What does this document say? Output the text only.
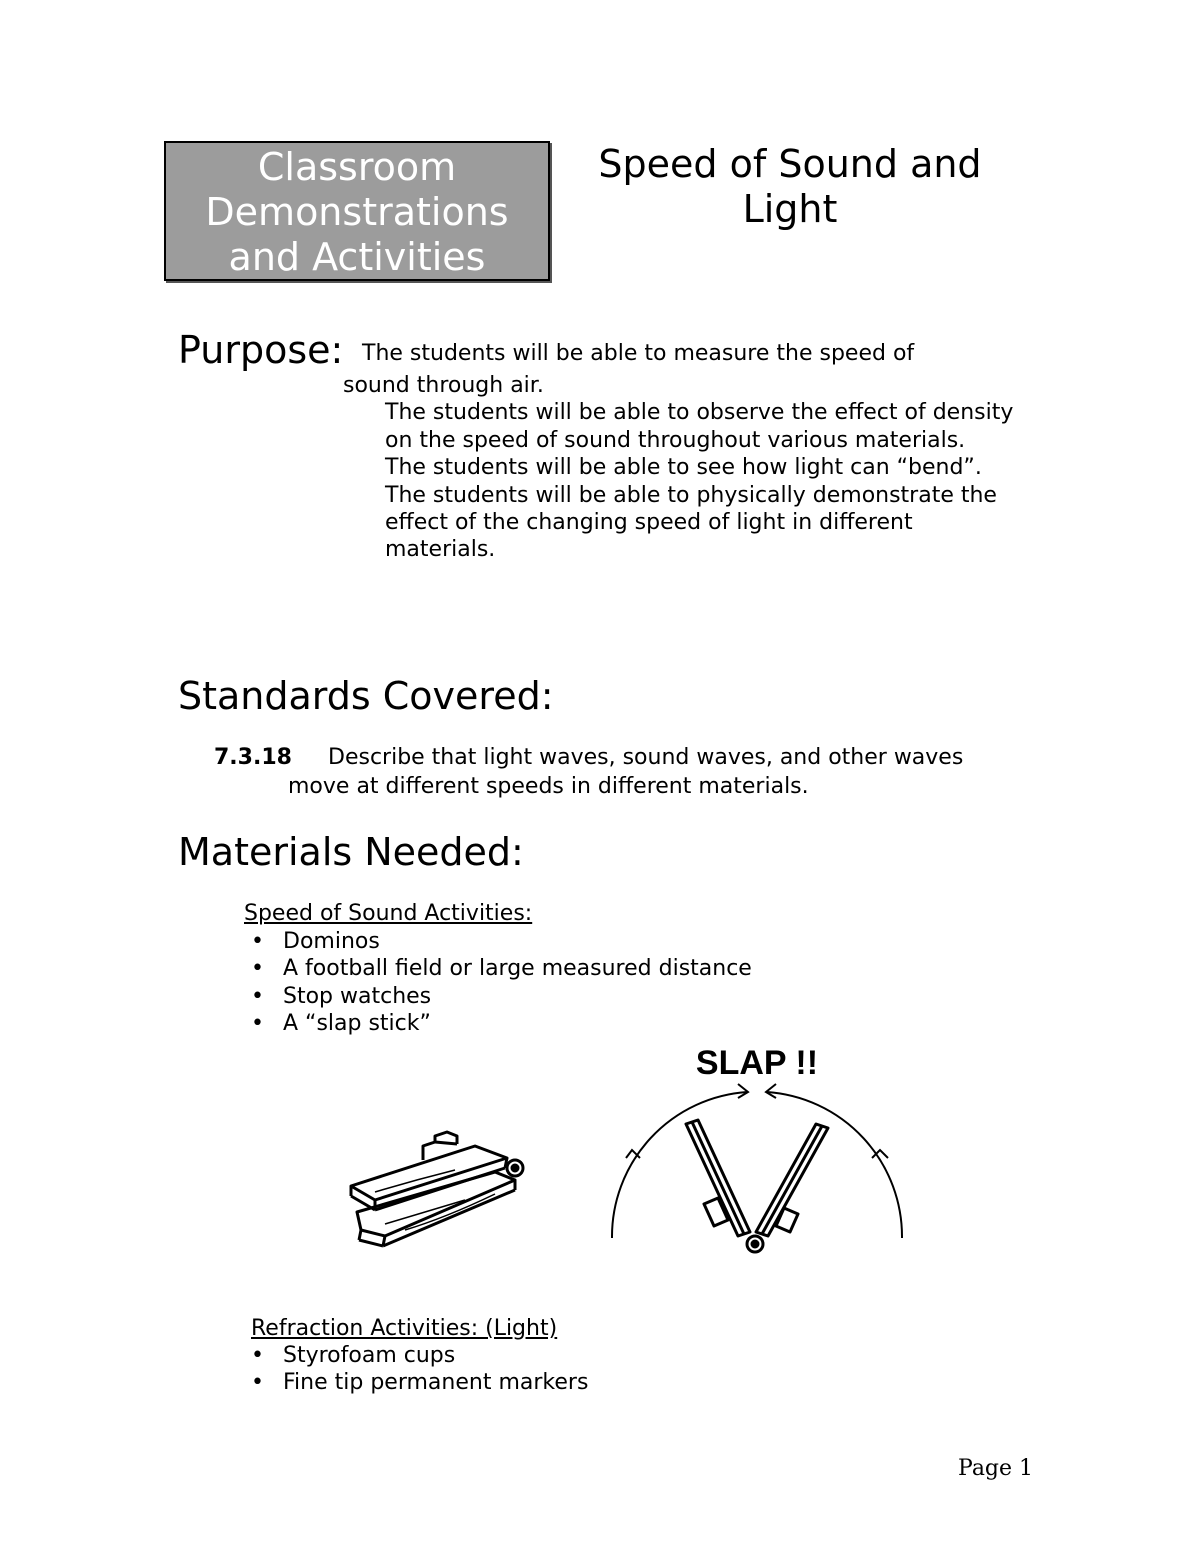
Classroom
Demonstrations
and Activities
Speed of Sound and
Light
Purpose: The students will be able to measure the speed of

sound through air.

The students will be able to observe the effect of density on the speed of sound throughout various materials.

The students will be able to see how light can “bend”.

The students will be able to physically demonstrate the effect of the changing speed of light in different materials.

Standards Covered:
7.3.18 Describe that light waves, sound waves, and other waves
move at different speeds in different materials.
Materials Needed:
Speed of Sound Activities:
• Dominos
• A football field or large measured distance
• Stop watches
• A “slap stick”
SLAP !!
Refraction Activities: (Light)
• Styrofoam cups
• Fine tip permanent markers
Page 1
